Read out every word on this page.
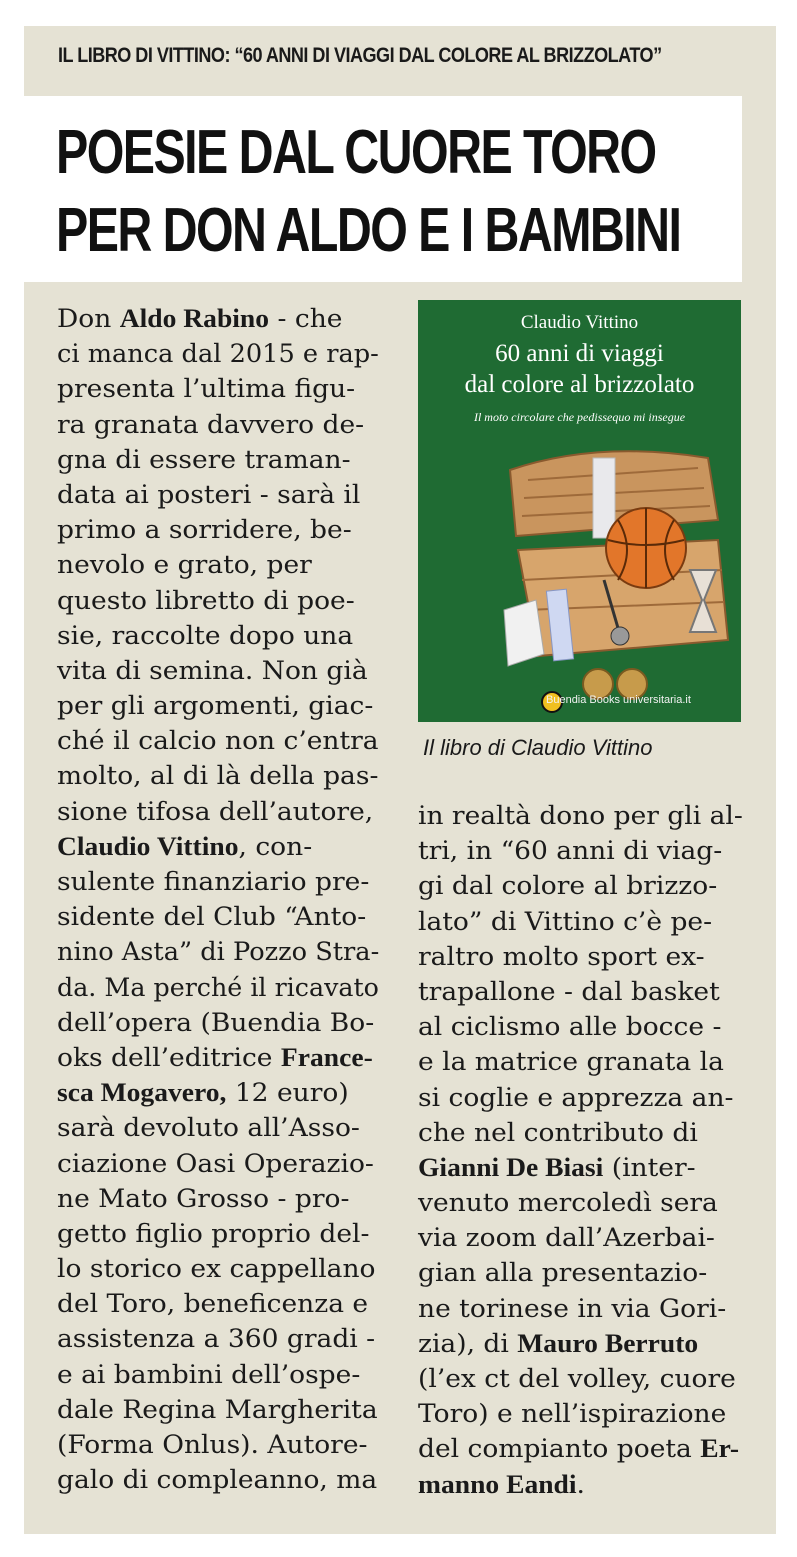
IL LIBRO DI VITTINO: “60 ANNI DI VIAGGI DAL COLORE AL BRIZZOLATO”
POESIE DAL CUORE TORO
PER DON ALDO E I BAMBINI
Don Aldo Rabino - che
ci manca dal 2015 e rap-
presenta l’ultima figu-
ra granata davvero de-
gna di essere traman-
data ai posteri - sarà il
primo a sorridere, be-
nevolo e grato, per
questo libretto di poe-
sie, raccolte dopo una
vita di semina. Non già
per gli argomenti, giac-
ché il calcio non c’entra
molto, al di là della pas-
sione tifosa dell’autore,
Claudio Vittino, con-
sulente finanziario pre-
sidente del Club “Anto-
nino Asta” di Pozzo Stra-
da. Ma perché il ricavato
dell’opera (Buendia Bo-
oks dell’editrice France-
sca Mogavero, 12 euro)
sarà devoluto all’Asso-
ciazione Oasi Operazio-
ne Mato Grosso - pro-
getto figlio proprio del-
lo storico ex cappellano
del Toro, beneficenza e
assistenza a 360 gradi -
e ai bambini dell’ospe-
dale Regina Margherita
(Forma Onlus). Autore-
galo di compleanno, ma
Claudio Vittino
60 anni di viaggi
dal colore al brizzolato
Il moto circolare che pedissequo mi insegue
Buendia Books universitaria.it
Il libro di Claudio Vittino
in realtà dono per gli al-
tri, in “60 anni di viag-
gi dal colore al brizzo-
lato” di Vittino c’è pe-
raltro molto sport ex-
trapallone - dal basket
al ciclismo alle bocce -
e la matrice granata la
si coglie e apprezza an-
che nel contributo di
Gianni De Biasi (inter-
venuto mercoledì sera
via zoom dall’Azerbai-
gian alla presentazio-
ne torinese in via Gori-
zia), di Mauro Berruto
(l’ex ct del volley, cuore
Toro) e nell’ispirazione
del compianto poeta Er-
manno Eandi.
